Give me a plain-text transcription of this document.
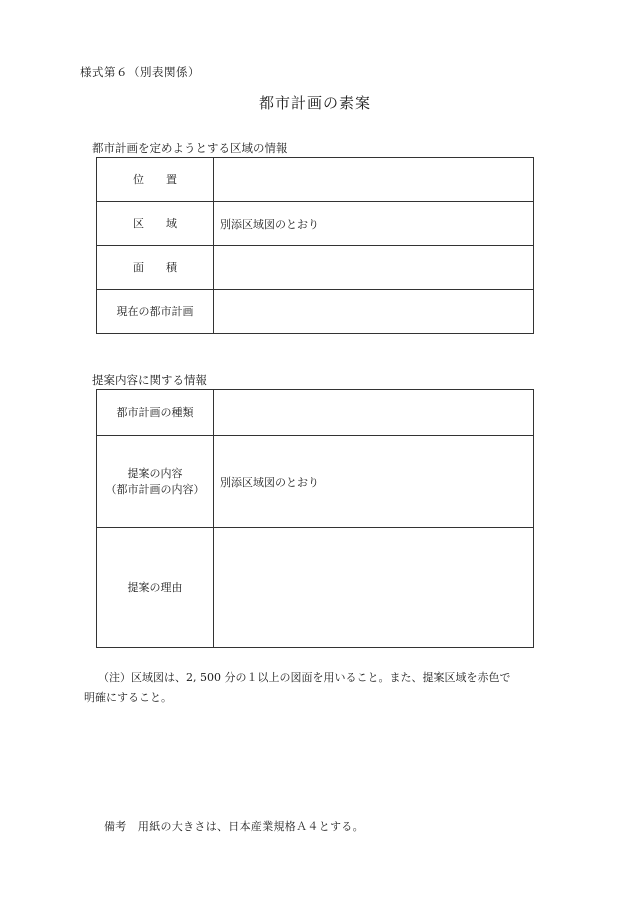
様式第６（別表関係）
都市計画の素案
都市計画を定めようとする区域の情報
位　　置	
区　　域	別添区域図のとおり
面　　積	
現在の都市計画	
提案内容に関する情報
都市計画の種類	

提案の内容
（都市計画の内容）	別添区域図のとおり
提案の理由	
（注）区域図は、2, 500 分の１以上の図面を用いること。また、提案区域を赤色で
明確にすること。
備考　用紙の大きさは、日本産業規格Ａ４とする。
